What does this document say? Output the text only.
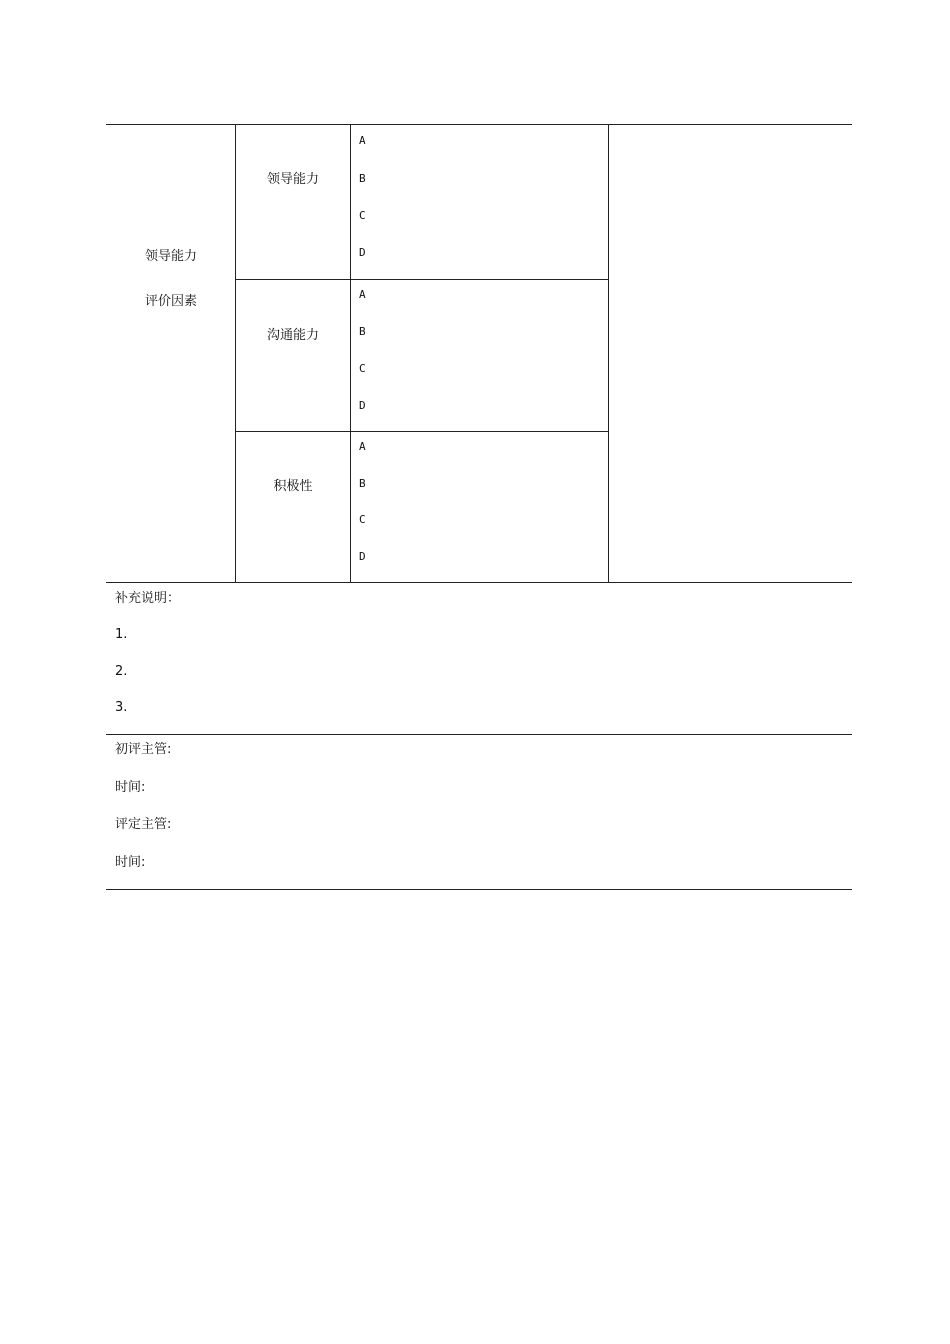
领导能力
评价因素
领导能力
沟通能力
积极性
A
B
C
D
A
B
C
D
A
B
C
D
补充说明：
1.
2.
3.
初评主管:
时间:
评定主管:
时间:
